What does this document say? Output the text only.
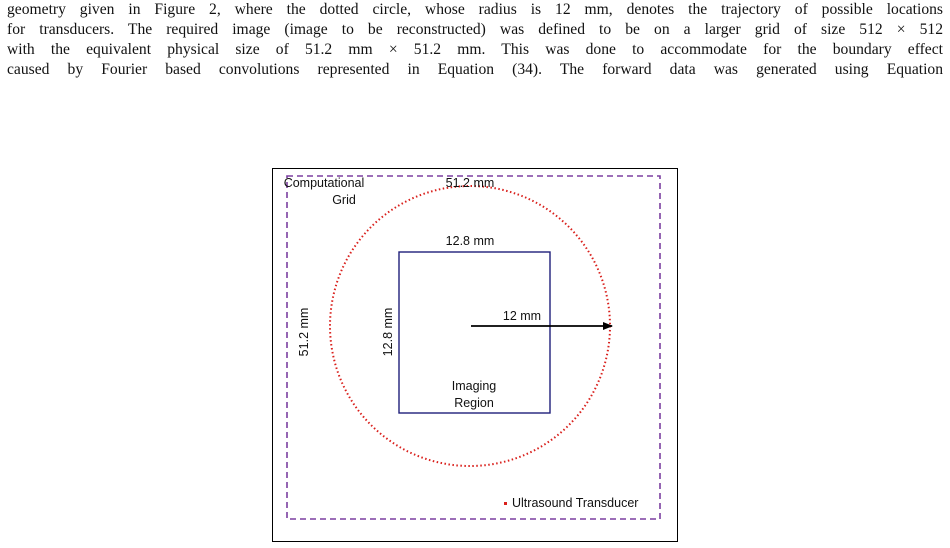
geometry given in Figure 2, where the dotted circle, whose radius is 12 mm, denotes the trajectory of possible locations
for transducers. The required image (image to be reconstructed) was defined to be on a larger grid of size 512 × 512
with the equivalent physical size of 51.2 mm × 51.2 mm. This was done to accommodate for the boundary effect
caused by Fourier based convolutions represented in Equation (34). The forward data was generated using Equation
Computational
Grid
51.2 mm
12.8 mm
12 mm
Imaging
Region
51.2 mm	12.8 mm
Ultrasound Transducer
